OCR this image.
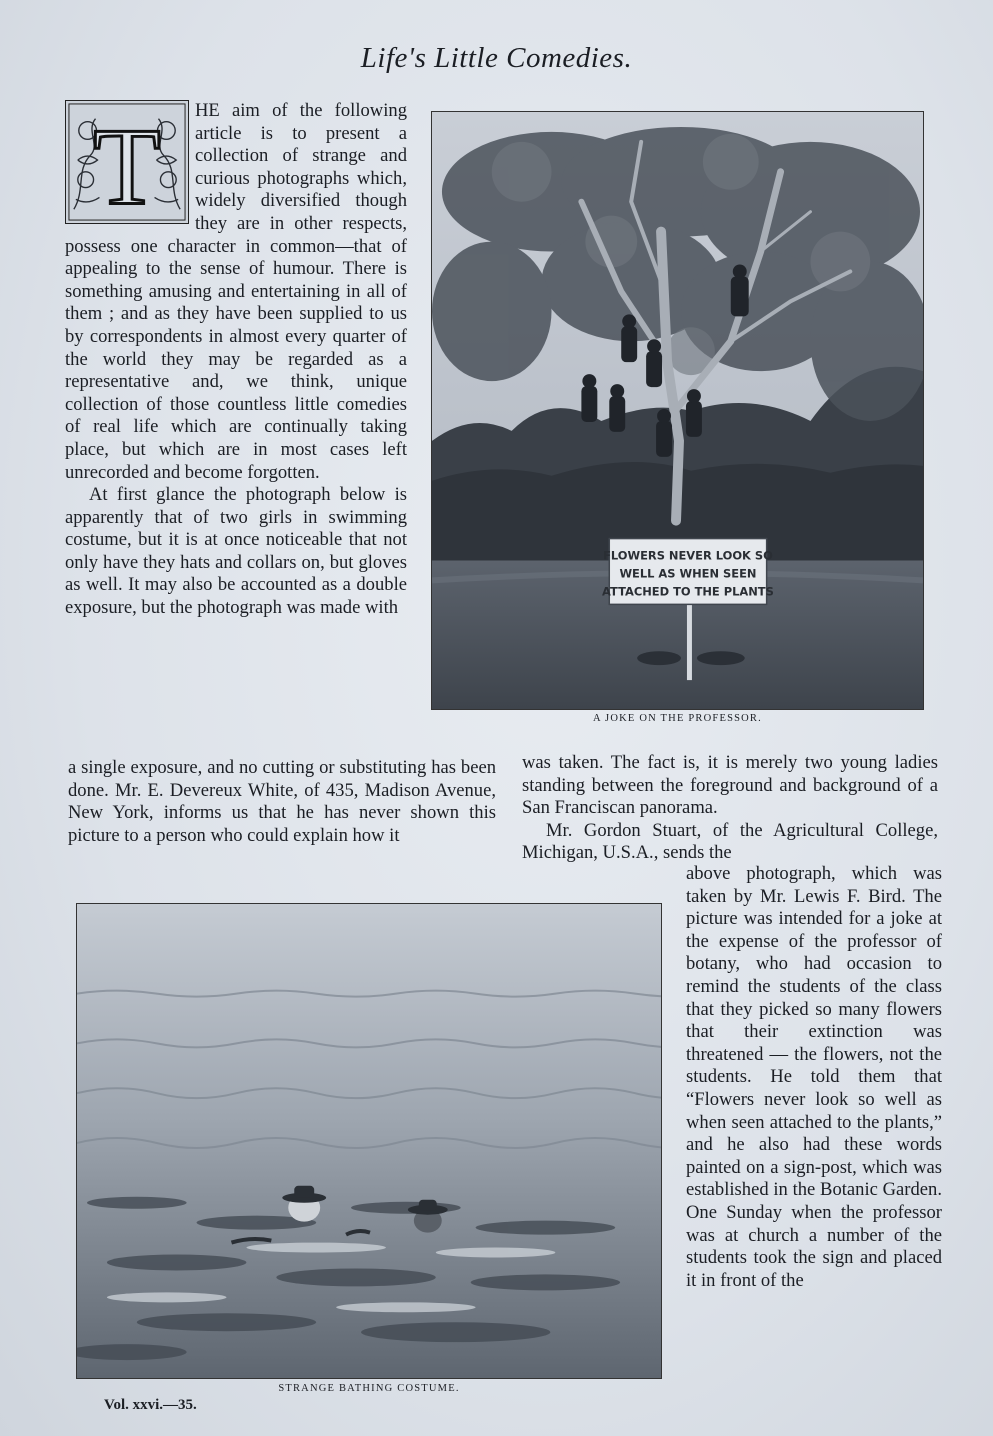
Life's Little Comedies.
T	HE aim of the following article is to present a collection of strange and curious photographs which, widely diversified though they are in other respects, possess one character in common—that of appealing to the sense of humour. There is something amusing and entertaining in all of them ; and as they have been supplied to us by correspondents in almost every quarter of the world they may be regarded as a representative and, we think, unique collection of those countless little comedies of real life which are continually taking place, but which are in most cases left unrecorded and become forgotten.

At first glance the photograph below is apparently that of two girls in swimming costume, but it is at once noticeable that not only have they hats and collars on, but gloves as well. It may also be accounted as a double exposure, but the photograph was made with

FLOWERS NEVER LOOK SO
WELL AS WHEN SEEN
ATTACHED TO THE PLANTS
A JOKE ON THE PROFESSOR.
a single exposure, and no cutting or substituting has been done. Mr. E. Devereux White, of 435, Madison Avenue, New York, informs us that he has never shown this picture to a person who could explain how it

was taken. The fact is, it is merely two young ladies standing between the foreground and background of a San Franciscan panorama.

Mr. Gordon Stuart, of the Agricultural College, Michigan, U.S.A., sends the

STRANGE BATHING COSTUME.
above photograph, which was taken by Mr. Lewis F. Bird. The picture was intended for a joke at the expense of the professor of botany, who had occasion to remind the students of the class that they picked so many flowers that their extinction was threatened — the flowers, not the students. He told them that “Flowers never look so well as when seen attached to the plants,” and he also had these words painted on a sign-post, which was established in the Botanic Garden. One Sunday when the professor was at church a number of the students took the sign and placed it in front of the
Vol. xxvi.—35.
